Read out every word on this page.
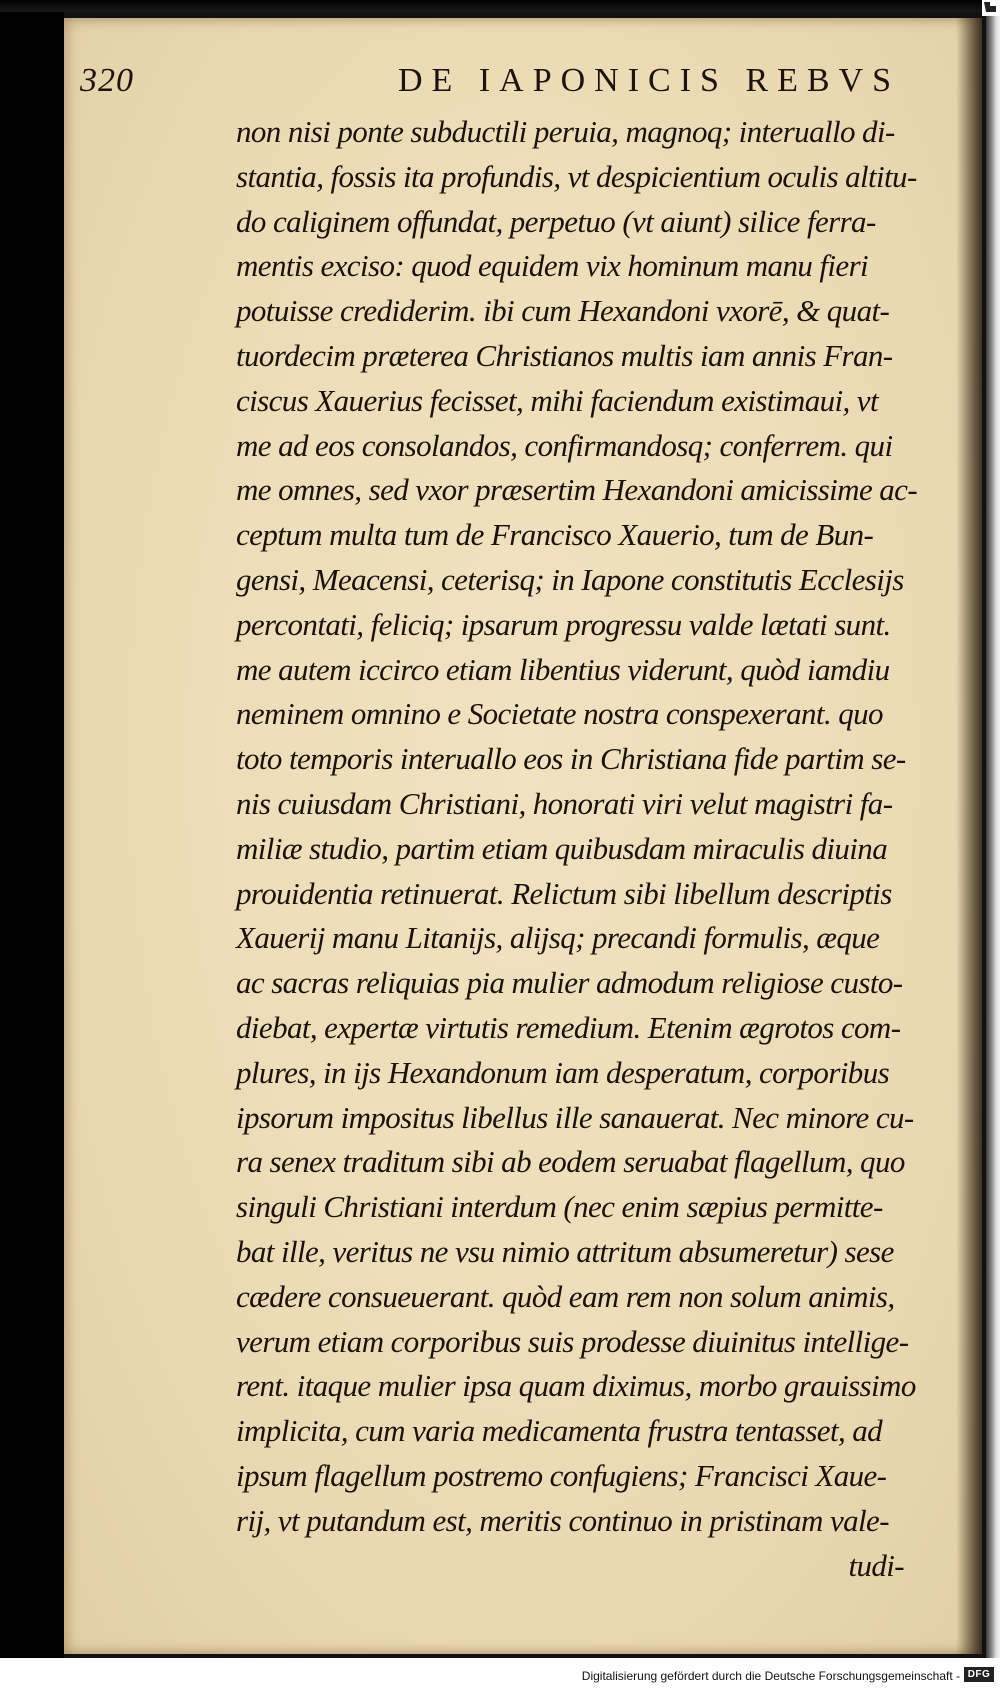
320	DE IAPONICIS REBVS
non nisi ponte subductili peruia, magnoq; interuallo di-
stantia, fossis ita profundis, vt despicientium oculis altitu-
do caliginem offundat, perpetuo (vt aiunt) silice ferra-
mentis exciso: quod equidem vix hominum manu fieri
potuisse crediderim. ibi cum Hexandoni vxorē, & quat-
tuordecim præterea Christianos multis iam annis Fran-
ciscus Xauerius fecisset, mihi faciendum existimaui, vt
me ad eos consolandos, confirmandosq; conferrem. qui
me omnes, sed vxor præsertim Hexandoni amicissime ac-
ceptum multa tum de Francisco Xauerio, tum de Bun-
gensi, Meacensi, ceterisq; in Iapone constitutis Ecclesijs
percontati, feliciq; ipsarum progressu valde lætati sunt.
me autem iccirco etiam libentius viderunt, quòd iamdiu
neminem omnino e Societate nostra conspexerant. quo
toto temporis interuallo eos in Christiana fide partim se-
nis cuiusdam Christiani, honorati viri velut magistri fa-
miliæ studio, partim etiam quibusdam miraculis diuina
prouidentia retinuerat. Relictum sibi libellum descriptis
Xauerij manu Litanijs, alijsq; precandi formulis, æque
ac sacras reliquias pia mulier admodum religiose custo-
diebat, expertæ virtutis remedium. Etenim ægrotos com-
plures, in ijs Hexandonum iam desperatum, corporibus
ipsorum impositus libellus ille sanauerat. Nec minore cu-
ra senex traditum sibi ab eodem seruabat flagellum, quo
singuli Christiani interdum (nec enim sæpius permitte-
bat ille, veritus ne vsu nimio attritum absumeretur) sese
cædere consueuerant. quòd eam rem non solum animis,
verum etiam corporibus suis prodesse diuinitus intellige-
rent. itaque mulier ipsa quam diximus, morbo grauissimo
implicita, cum varia medicamenta frustra tentasset, ad
ipsum flagellum postremo confugiens; Francisci Xaue-
rij, vt putandum est, meritis continuo in pristinam vale-
tudi-
Digitalisierung gefördert durch die Deutsche Forschungsgemeinschaft - DFG
